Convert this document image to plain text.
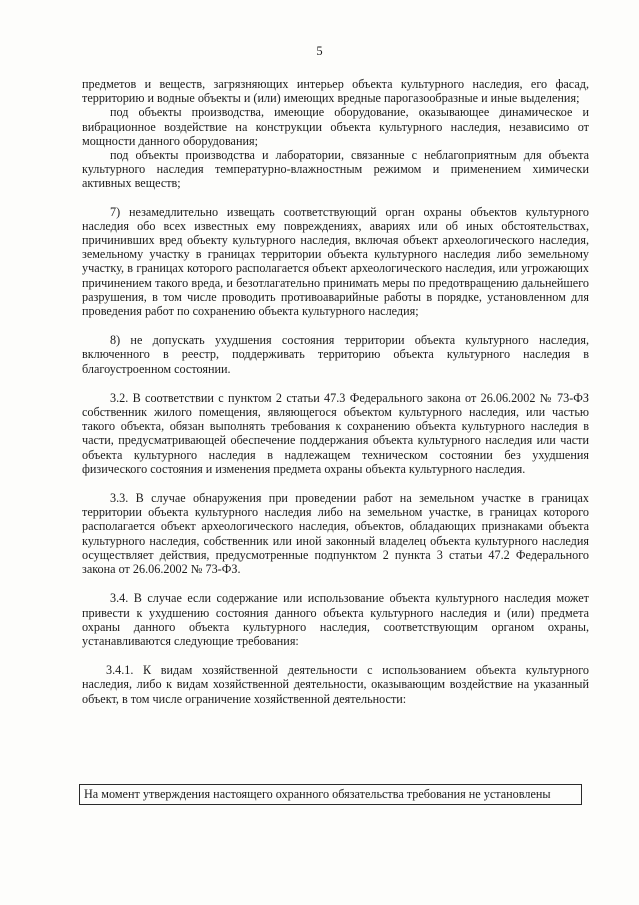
5

предметов и веществ, загрязняющих интерьер объекта культурного наследия, его фасад, территорию и водные объекты и (или) имеющих вредные парогазообразные и иные выделения;

под объекты производства, имеющие оборудование, оказывающее динамическое и вибрационное воздействие на конструкции объекта культурного наследия, независимо от мощности данного оборудования;

под объекты производства и лаборатории, связанные с неблагоприятным для объекта культурного наследия температурно-влажностным режимом и применением химически активных веществ;

7) незамедлительно извещать соответствующий орган охраны объектов культурного наследия обо всех известных ему повреждениях, авариях или об иных обстоятельствах, причинивших вред объекту культурного наследия, включая объект археологического наследия, земельному участку в границах территории объекта культурного наследия либо земельному участку, в границах которого располагается объект археологического наследия, или угрожающих причинением такого вреда, и безотлагательно принимать меры по предотвращению дальнейшего разрушения, в том числе проводить противоаварийные работы в порядке, установленном для проведения работ по сохранению объекта культурного наследия;

8) не допускать ухудшения состояния территории объекта культурного наследия, включенного в реестр, поддерживать территорию объекта культурного наследия в благоустроенном состоянии.

3.2. В соответствии с пунктом 2 статьи 47.3 Федерального закона от 26.06.2002 № 73-ФЗ собственник жилого помещения, являющегося объектом культурного наследия, или частью такого объекта, обязан выполнять требования к сохранению объекта культурного наследия в части, предусматривающей обеспечение поддержания объекта культурного наследия или части объекта культурного наследия в надлежащем техническом состоянии без ухудшения физического состояния и изменения предмета охраны объекта культурного наследия.

3.3. В случае обнаружения при проведении работ на земельном участке в границах территории объекта культурного наследия либо на земельном участке, в границах которого располагается объект археологического наследия, объектов, обладающих признаками объекта культурного наследия, собственник или иной законный владелец объекта культурного наследия осуществляет действия, предусмотренные подпунктом 2 пункта 3 статьи 47.2 Федерального закона от 26.06.2002 № 73-ФЗ.

3.4. В случае если содержание или использование объекта культурного наследия может привести к ухудшению состояния данного объекта культурного наследия и (или) предмета охраны данного объекта культурного наследия, соответствующим органом охраны, устанавливаются следующие требования:

3.4.1. К видам хозяйственной деятельности с использованием объекта культурного наследия, либо к видам хозяйственной деятельности, оказывающим воздействие на указанный объект, в том числе ограничение хозяйственной деятельности:

На момент утверждения настоящего охранного обязательства требования не установлены
